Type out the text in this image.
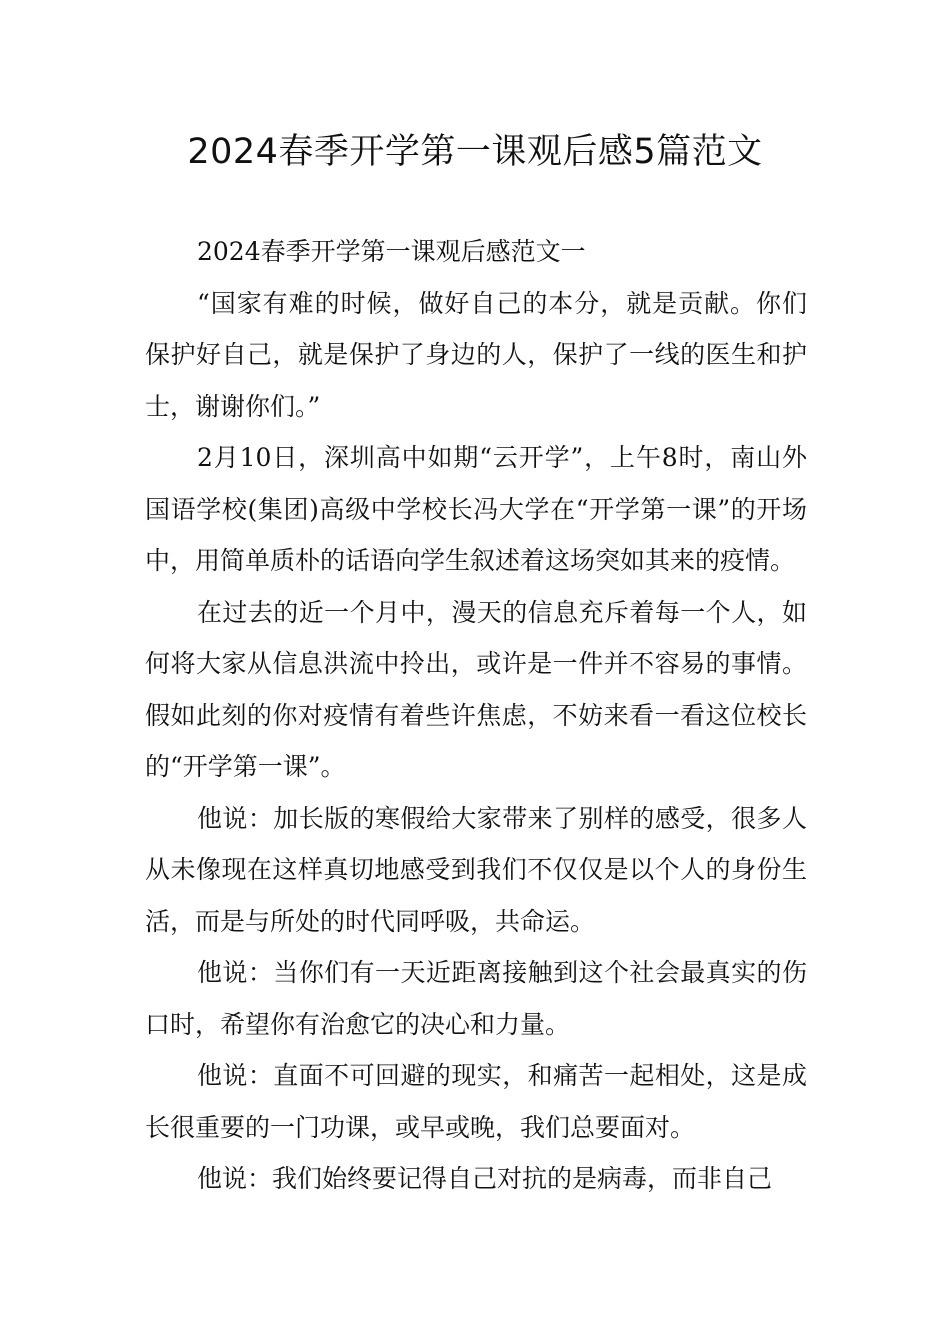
2024春季开学第一课观后感5篇范文

2024春季开学第一课观后感范文一

“国家有难的时候，做好自己的本分，就是贡献。你们保护好自己，就是保护了身边的人，保护了一线的医生和护士，谢谢你们。”

2月10日，深圳高中如期“云开学”，上午8时，南山外国语学校(集团)高级中学校长冯大学在“开学第一课”的开场中，用简单质朴的话语向学生叙述着这场突如其来的疫情。

在过去的近一个月中，漫天的信息充斥着每一个人，如何将大家从信息洪流中拎出，或许是一件并不容易的事情。假如此刻的你对疫情有着些许焦虑，不妨来看一看这位校长的“开学第一课”。

他说：加长版的寒假给大家带来了别样的感受，很多人从未像现在这样真切地感受到我们不仅仅是以个人的身份生活，而是与所处的时代同呼吸，共命运。

他说：当你们有一天近距离接触到这个社会最真实的伤口时，希望你有治愈它的决心和力量。

他说：直面不可回避的现实，和痛苦一起相处，这是成长很重要的一门功课，或早或晚，我们总要面对。

他说：我们始终要记得自己对抗的是病毒，而非自己
